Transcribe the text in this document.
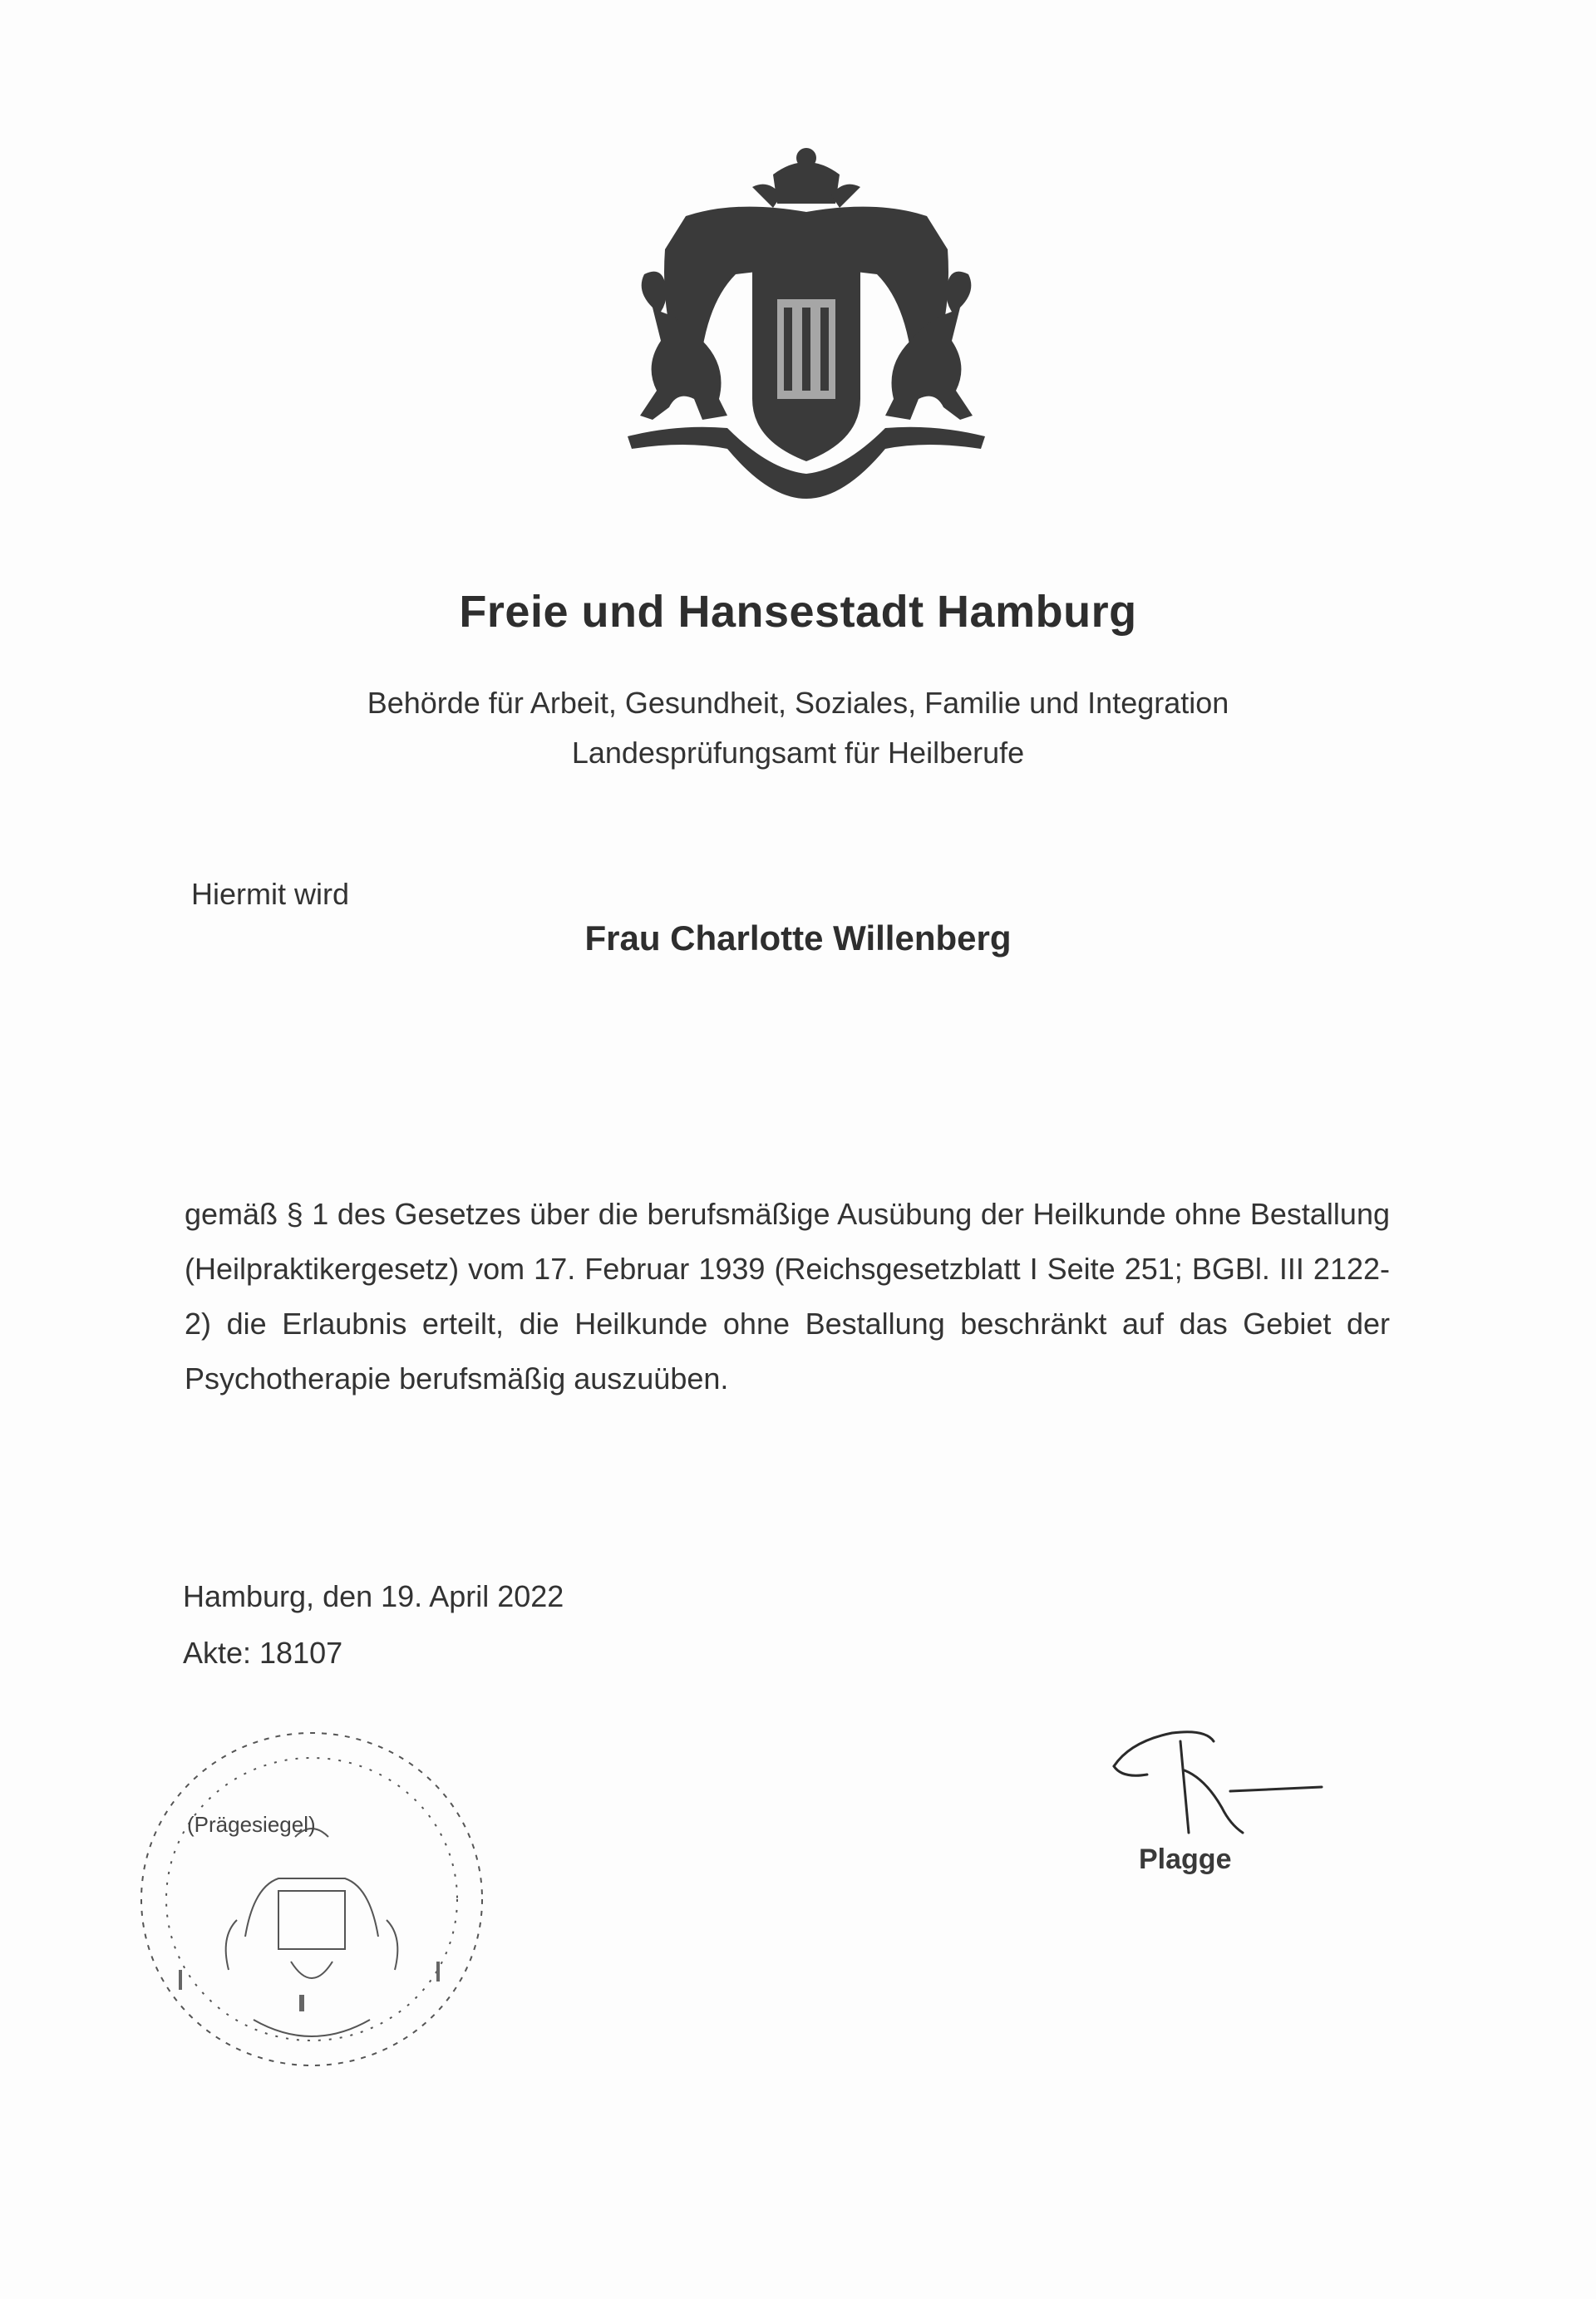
Freie und Hansestadt Hamburg
Behörde für Arbeit, Gesundheit, Soziales, Familie und Integration
Landesprüfungsamt für Heilberufe
Hiermit wird
Frau Charlotte Willenberg
gemäß § 1 des Gesetzes über die berufsmäßige Ausübung der Heilkunde ohne Bestallung (Heilpraktikergesetz) vom 17. Februar 1939 (Reichsgesetzblatt I Seite 251; BGBl. III 2122-2) die Erlaubnis erteilt, die Heilkunde ohne Bestallung beschränkt auf das Gebiet der Psychotherapie berufsmäßig auszuüben.
Hamburg, den 19. April 2022
Akte: 18107
(Prägesiegel)
Plagge
